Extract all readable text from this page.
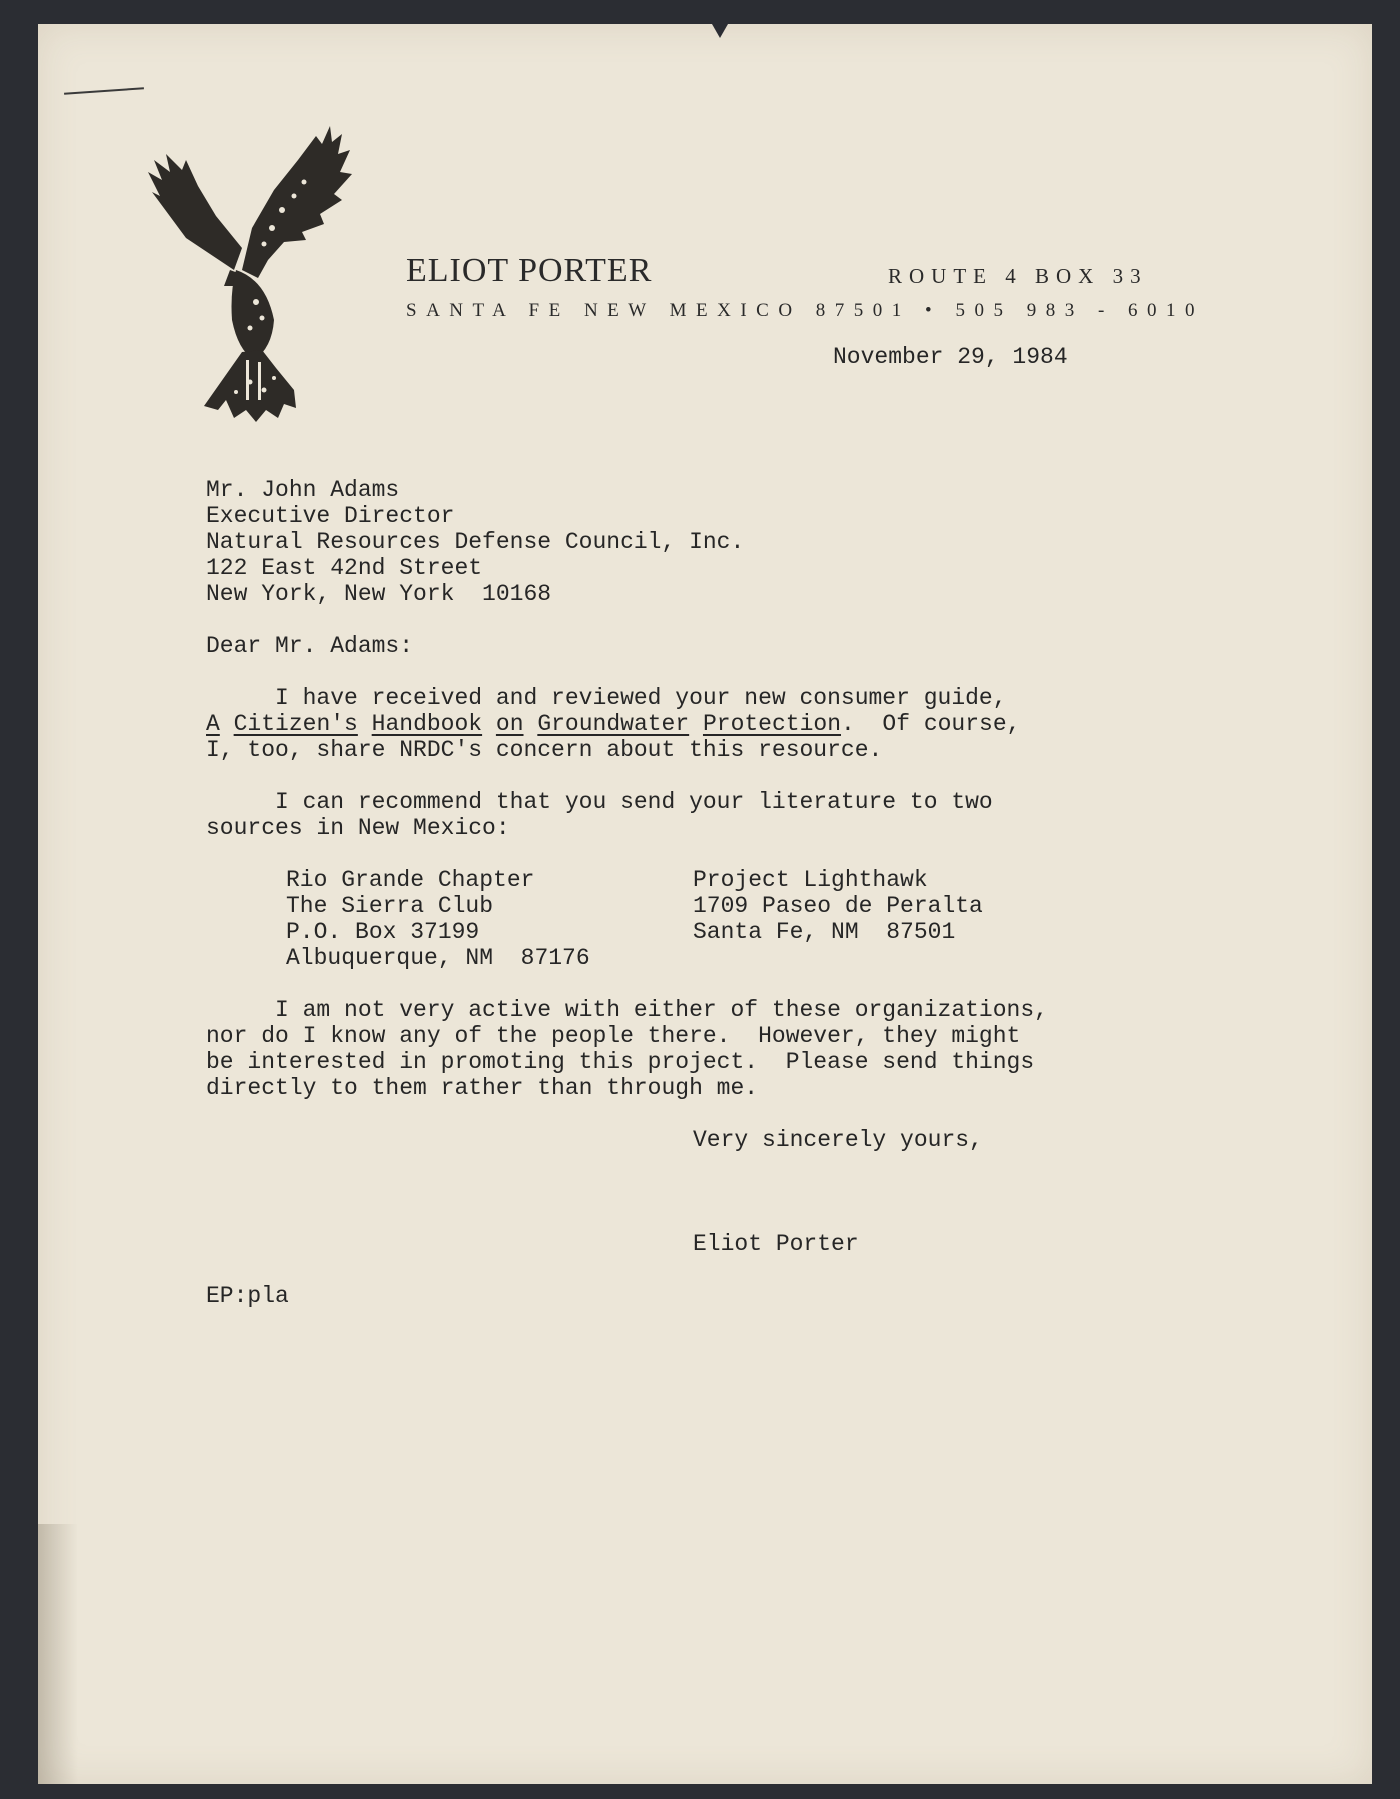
ELIOT PORTER	ROUTE 4 BOX 33
SANTA FE NEW MEXICO 87501 • 505 983 - 6010
November 29, 1984
Mr. John Adams
Executive Director
Natural Resources Defense Council, Inc.
122 East 42nd Street
New York, New York  10168
Dear Mr. Adams:
I have received and reviewed your new consumer guide,
A Citizen's Handbook on Groundwater Protection.  Of course,
I, too, share NRDC's concern about this resource.
I can recommend that you send your literature to two
sources in New Mexico:
Rio Grande Chapter
The Sierra Club
P.O. Box 37199
Albuquerque, NM  87176
Project Lighthawk
1709 Paseo de Peralta
Santa Fe, NM  87501
I am not very active with either of these organizations,
nor do I know any of the people there.  However, they might
be interested in promoting this project.  Please send things
directly to them rather than through me.
Very sincerely yours,
Eliot Porter
EP:pla
